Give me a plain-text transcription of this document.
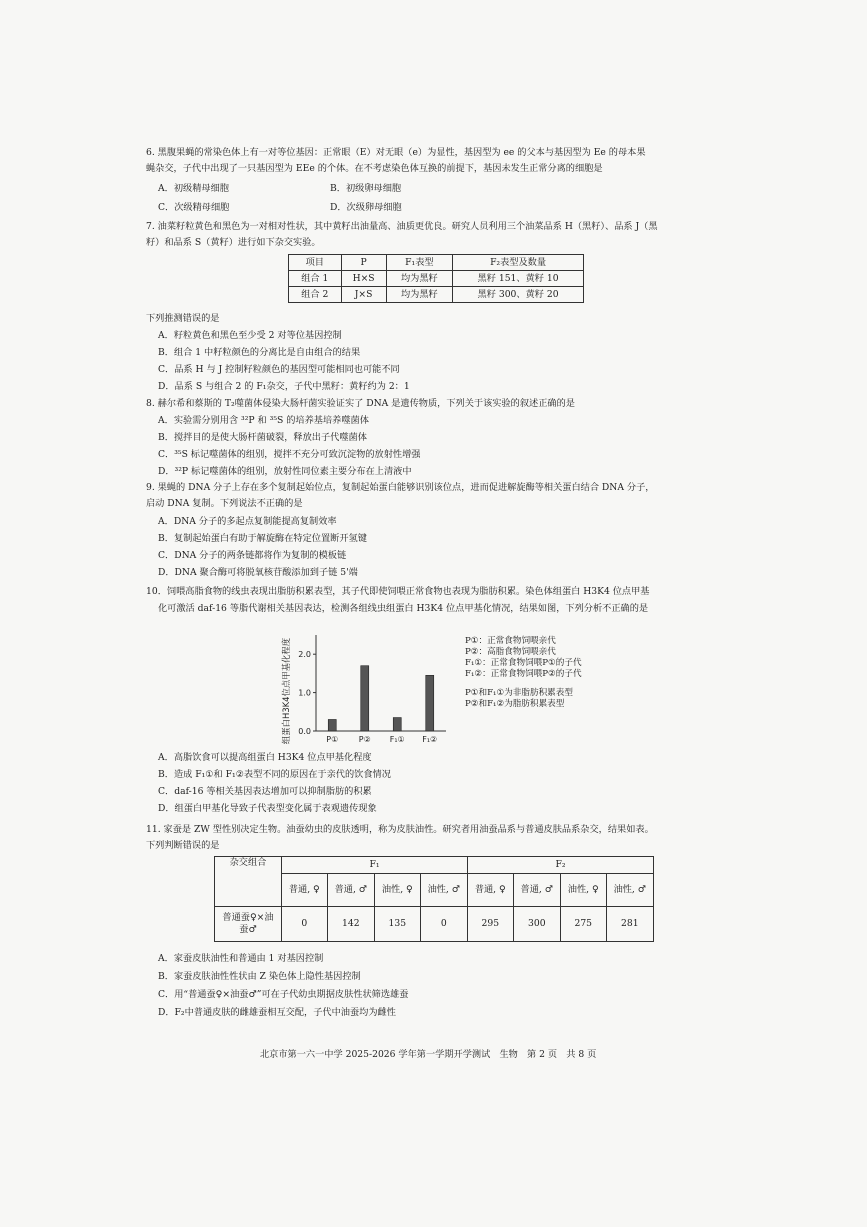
6. 黑腹果蝇的常染色体上有一对等位基因：正常眼（E）对无眼（e）为显性，基因型为 ee 的父本与基因型为 Ee 的母本果
蝇杂交，子代中出现了一只基因型为 EEe 的个体。在不考虑染色体互换的前提下，基因未发生正常分离的细胞是
A．初级精母细胞	B．初级卵母细胞
C．次级精母细胞	D．次级卵母细胞
7. 油菜籽粒黄色和黑色为一对相对性状，其中黄籽出油量高、油质更优良。研究人员利用三个油菜品系 H（黑籽）、品系 J（黑
籽）和品系 S（黄籽）进行如下杂交实验。
项目	P	F₁表型	F₂表型及数量
组合 1	H×S	均为黑籽	黑籽 151、黄籽 10
组合 2	J×S	均为黑籽	黑籽 300、黄籽 20
下列推测错误的是
A．籽粒黄色和黑色至少受 2 对等位基因控制
B．组合 1 中籽粒颜色的分离比是自由组合的结果
C．品系 H 与 J 控制籽粒颜色的基因型可能相同也可能不同
D．品系 S 与组合 2 的 F₁杂交，子代中黑籽：黄籽约为 2：1
8. 赫尔希和蔡斯的 T₂噬菌体侵染大肠杆菌实验证实了 DNA 是遗传物质，下列关于该实验的叙述正确的是
A．实验需分别用含 ³²P 和 ³⁵S 的培养基培养噬菌体
B．搅拌目的是使大肠杆菌破裂，释放出子代噬菌体
C．³⁵S 标记噬菌体的组别，搅拌不充分可致沉淀物的放射性增强
D．³²P 标记噬菌体的组别，放射性同位素主要分布在上清液中
9. 果蝇的 DNA 分子上存在多个复制起始位点，复制起始蛋白能够识别该位点，进而促进解旋酶等相关蛋白结合 DNA 分子，
启动 DNA 复制。下列说法不正确的是
A．DNA 分子的多起点复制能提高复制效率
B．复制起始蛋白有助于解旋酶在特定位置断开氢键
C．DNA 分子的两条链都将作为复制的模板链
D．DNA 聚合酶可将脱氧核苷酸添加到子链 5'端
10．饲喂高脂食物的线虫表现出脂肪积累表型，其子代即使饲喂正常食物也表现为脂肪积累。染色体组蛋白 H3K4 位点甲基
化可激活 daf-16 等脂代谢相关基因表达，检测各组线虫组蛋白 H3K4 位点甲基化情况，结果如图，下列分析不正确的是
组蛋白H3K4位点甲基化程度 0.0
1.0
2.0
P①	P② F₁① F₁②
P①：正常食物饲喂亲代
P②：高脂食物饲喂亲代
F₁①：正常食物饲喂P①的子代
F₁②：正常食物饲喂P②的子代
P①和F₁①为非脂肪积累表型
P②和F₁②为脂肪积累表型
A．高脂饮食可以提高组蛋白 H3K4 位点甲基化程度
B．造成 F₁①和 F₁②表型不同的原因在于亲代的饮食情况
C．daf-16 等相关基因表达增加可以抑制脂肪的积累
D．组蛋白甲基化导致子代表型变化属于表观遗传现象
11. 家蚕是 ZW 型性别决定生物。油蚕幼虫的皮肤透明，称为皮肤油性。研究者用油蚕品系与普通皮肤品系杂交，结果如表。
下列判断错误的是
杂交组合	F₁				F₂			
	普通, ♀	普通, ♂	油性, ♀	油性, ♂	普通, ♀	普通, ♂	油性, ♀	油性, ♂
普通蚕♀×油蚕♂	0	142	135	0	295	300	275	281
A．家蚕皮肤油性和普通由 1 对基因控制
B．家蚕皮肤油性性状由 Z 染色体上隐性基因控制
C．用“普通蚕♀×油蚕♂”可在子代幼虫期据皮肤性状筛选雄蚕
D．F₂中普通皮肤的雌雄蚕相互交配，子代中油蚕均为雌性
北京市第一六一中学 2025-2026 学年第一学期开学测试　生物　第 2 页　共 8 页
